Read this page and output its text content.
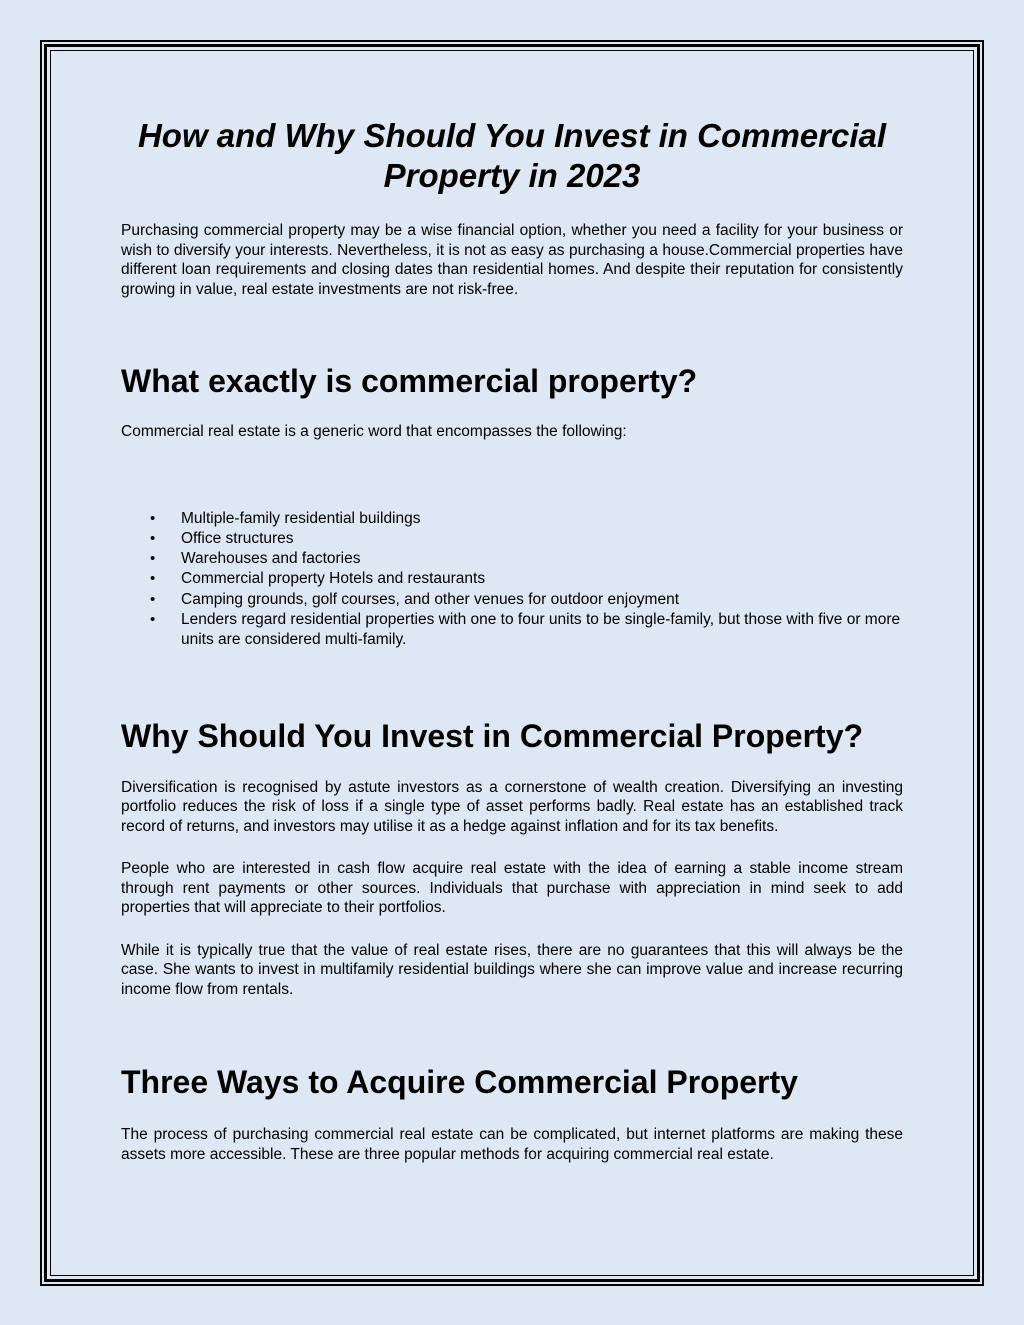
How and Why Should You Invest in Commercial Property in 2023

Purchasing commercial property may be a wise financial option, whether you need a facility for your business or wish to diversify your interests. Nevertheless, it is not as easy as purchasing a house.Commercial properties have different loan requirements and closing dates than residential homes. And despite their reputation for consistently growing in value, real estate investments are not risk-free.

What exactly is commercial property?

Commercial real estate is a generic word that encompasses the following:

• Multiple-family residential buildings
• Office structures
• Warehouses and factories
• Commercial property Hotels and restaurants
• Camping grounds, golf courses, and other venues for outdoor enjoyment
• Lenders regard residential properties with one to four units to be single-family, but those with five or more units are considered multi-family.
Why Should You Invest in Commercial Property?

Diversification is recognised by astute investors as a cornerstone of wealth creation. Diversifying an investing portfolio reduces the risk of loss if a single type of asset performs badly. Real estate has an established track record of returns, and investors may utilise it as a hedge against inflation and for its tax benefits.

People who are interested in cash flow acquire real estate with the idea of earning a stable income stream through rent payments or other sources. Individuals that purchase with appreciation in mind seek to add properties that will appreciate to their portfolios.

While it is typically true that the value of real estate rises, there are no guarantees that this will always be the case. She wants to invest in multifamily residential buildings where she can improve value and increase recurring income flow from rentals.

Three Ways to Acquire Commercial Property

The process of purchasing commercial real estate can be complicated, but internet platforms are making these assets more accessible. These are three popular methods for acquiring commercial real estate.
